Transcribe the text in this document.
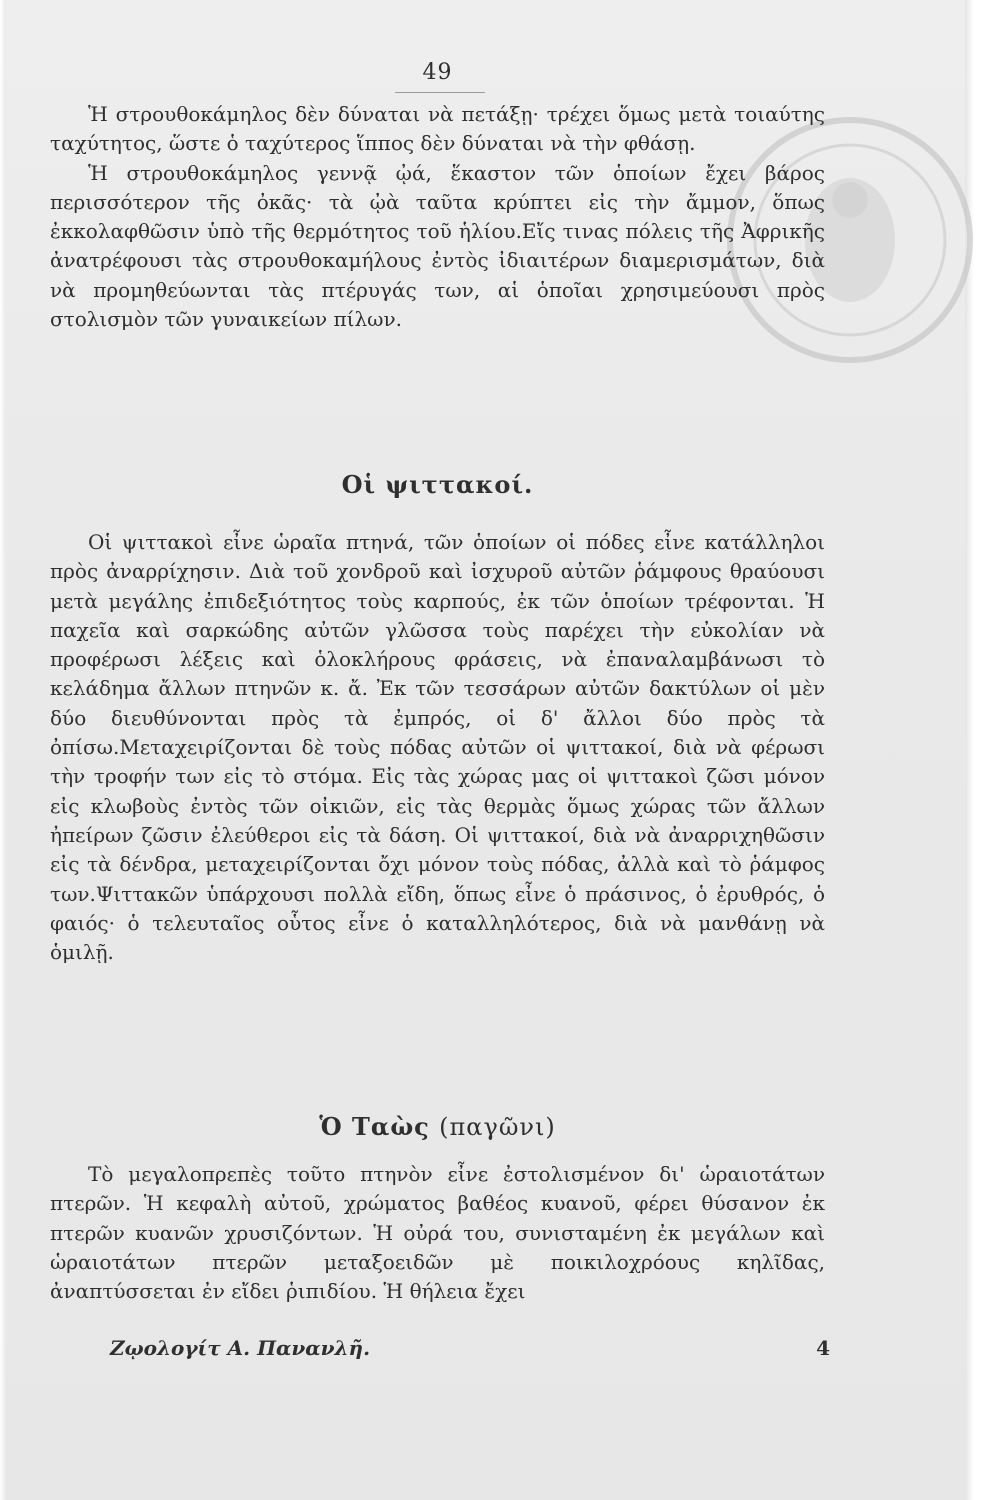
49

Ἡ στρουθοκάμηλος δὲν δύναται νὰ πετάξῃ· τρέχει ὅμως μετὰ τοιαύτης ταχύτητος, ὥστε ὁ ταχύτερος ἵππος δὲν δύναται νὰ τὴν φθάσῃ.

Ἡ στρουθοκάμηλος γεννᾷ ᾠά, ἕκαστον τῶν ὁποίων ἔχει βάρος περισσότερον τῆς ὀκᾶς· τὰ ᾠὰ ταῦτα κρύπτει εἰς τὴν ἄμμον, ὅπως ἐκκολαφθῶσιν ὑπὸ τῆς θερμότητος τοῦ ἡλίου.Εἴς τινας πόλεις τῆς Ἀφρικῆς ἀνατρέφουσι τὰς στρουθοκαμήλους ἐντὸς ἰδιαιτέρων διαμερισμάτων, διὰ νὰ προμηθεύωνται τὰς πτέρυγάς των, αἱ ὁποῖαι χρησιμεύουσι πρὸς στολισμὸν τῶν γυναικείων πίλων.

Οἱ ψιττακοί.

Οἱ ψιττακοὶ εἶνε ὡραῖα πτηνά, τῶν ὁποίων οἱ πόδες εἶνε κατάλληλοι πρὸς ἀναρρίχησιν. Διὰ τοῦ χονδροῦ καὶ ἰσχυροῦ αὐτῶν ῥάμφους θραύουσι μετὰ μεγάλης ἐπιδεξιότητος τοὺς καρπούς, ἐκ τῶν ὁποίων τρέφονται. Ἡ παχεῖα καὶ σαρκώδης αὐτῶν γλῶσσα τοὺς παρέχει τὴν εὐκολίαν νὰ προφέρωσι λέξεις καὶ ὁλοκλήρους φράσεις, νὰ ἐπαναλαμβάνωσι τὸ κελάδημα ἄλλων πτηνῶν κ. ἄ. Ἐκ τῶν τεσσάρων αὐτῶν δακτύλων οἱ μὲν δύο διευθύνονται πρὸς τὰ ἐμπρός, οἱ δ' ἄλλοι δύο πρὸς τὰ ὀπίσω.Μεταχειρίζονται δὲ τοὺς πόδας αὐτῶν οἱ ψιττακοί, διὰ νὰ φέρωσι τὴν τροφήν των εἰς τὸ στόμα. Εἰς τὰς χώρας μας οἱ ψιττακοὶ ζῶσι μόνον εἰς κλωβοὺς ἐντὸς τῶν οἰκιῶν, εἰς τὰς θερμὰς ὅμως χώρας τῶν ἄλλων ἠπείρων ζῶσιν ἐλεύθεροι εἰς τὰ δάση. Οἱ ψιττακοί, διὰ νὰ ἀναρριχηθῶσιν εἰς τὰ δένδρα, μεταχειρίζονται ὄχι μόνον τοὺς πόδας, ἀλλὰ καὶ τὸ ῥάμφος των.Ψιττακῶν ὑπάρχουσι πολλὰ εἴδη, ὅπως εἶνε ὁ πράσινος, ὁ ἐρυθρός, ὁ φαιός· ὁ τελευταῖος οὗτος εἶνε ὁ καταλληλότερος, διὰ νὰ μανθάνῃ νὰ ὁμιλῇ.

Ὁ Ταὼς (παγῶνι)

Τὸ μεγαλοπρεπὲς τοῦτο πτηνὸν εἶνε ἐστολισμένον δι' ὡραιοτάτων πτερῶν. Ἡ κεφαλὴ αὐτοῦ, χρώματος βαθέος κυανοῦ, φέρει θύσανον ἐκ πτερῶν κυανῶν χρυσιζόντων. Ἡ οὐρά του, συνισταμένη ἐκ μεγάλων καὶ ὡραιοτάτων πτερῶν μεταξοειδῶν μὲ ποικιλοχρόους κηλῖδας, ἀναπτύσσεται ἐν εἴδει ῥιπιδίου. Ἡ θήλεια ἔχει

Ζῳολογίτ Α. Πανανλῆ.	4
